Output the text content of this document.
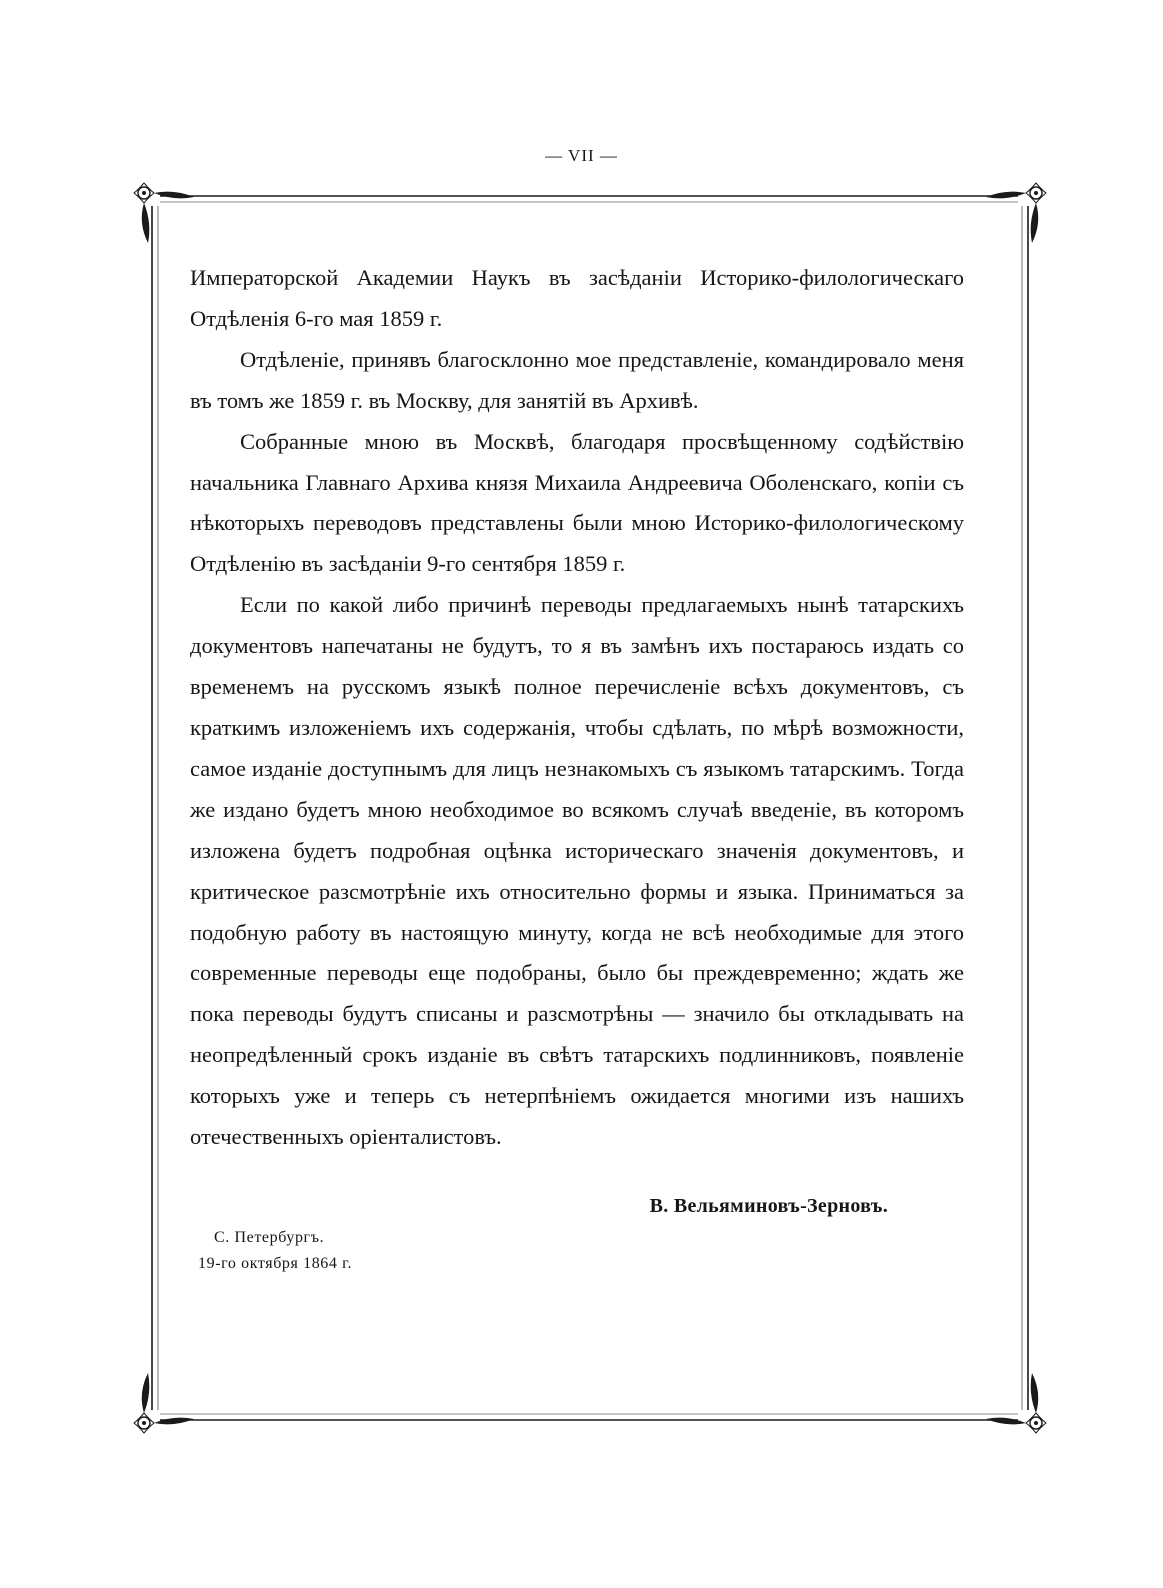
— VII —

Императорской Академии Наукъ въ засѣданіи Историко-филологическаго Отдѣленія 6-го мая 1859 г.

Отдѣленіе, принявъ благосклонно мое представленіе, командировало меня въ томъ же 1859 г. въ Москву, для занятій въ Архивѣ.

Собранные мною въ Москвѣ, благодаря просвѣщенному содѣйствію начальника Главнаго Архива князя Михаила Андреевича Оболенскаго, копіи съ нѣкоторыхъ переводовъ представлены были мною Историко-филологическому Отдѣленію въ засѣданіи 9-го сентября 1859 г.

Если по какой либо причинѣ переводы предлагаемыхъ нынѣ татарскихъ документовъ напечатаны не будутъ, то я въ замѣнъ ихъ постараюсь издать со временемъ на русскомъ языкѣ полное перечисленіе всѣхъ документовъ, съ краткимъ изложеніемъ ихъ содержанія, чтобы сдѣлать, по мѣрѣ возможности, самое изданіе доступнымъ для лицъ незнакомыхъ съ языкомъ татарскимъ. Тогда же издано будетъ мною необходимое во всякомъ случаѣ введеніе, въ которомъ изложена будетъ подробная оцѣнка историческаго значенія документовъ, и критическое разсмотрѣніе ихъ относительно формы и языка. Приниматься за подобную работу въ настоящую минуту, когда не всѣ необходимые для этого современные переводы еще подобраны, было бы преждевременно; ждать же пока переводы будутъ списаны и разсмотрѣны — значило бы откладывать на неопредѣленный срокъ изданіе въ свѣтъ татарскихъ подлинниковъ, появленіе которыхъ уже и теперь съ нетерпѣніемъ ожидается многими изъ нашихъ отечественныхъ оріенталистовъ.

В. Вельяминовъ-Зерновъ.
С. Петербургъ.
19-го октября 1864 г.
